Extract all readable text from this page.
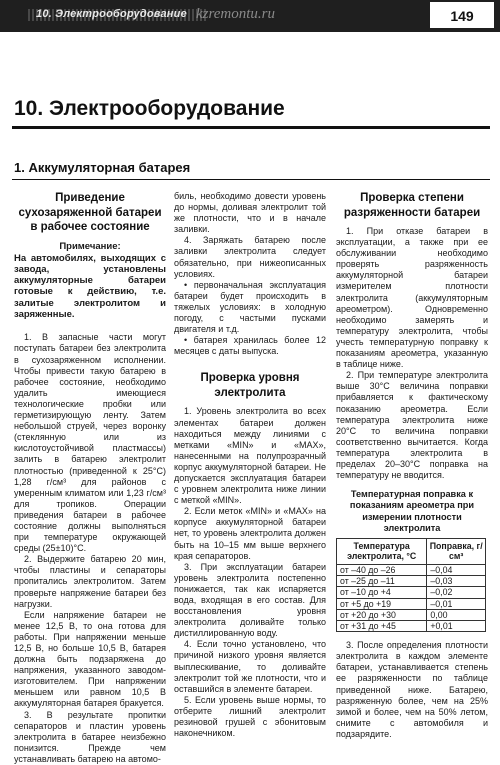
10. Электрооборудование kzremontu.ru	149
10. Электрооборудование
1. Аккумуляторная батарея
Приведение сухозаряженной батареи в рабочее состояние
Примечание:
На автомобилях, выходящих с завода, установлены аккумуляторные батареи готовые к действию, т.е. залитые электролитом и заряженные.

1. В запасные части могут поступать батареи без электролита в сухозаряженном исполнении. Чтобы привести такую батарею в рабочее состояние, необходимо удалить имеющиеся технологические пробки или герметизирующую ленту. Затем небольшой струей, через воронку (стеклянную или из кислотоустойчивой пластмассы) залить в батарею электролит плотностью (приведенной к 25°С) 1,28 г/см³ для районов с умеренным климатом или 1,23 г/см³ для тропиков. Операции приведения батареи в рабочее состояние должны выполняться при температуре окружающей среды (25±10)°С.

2. Выдержите батарею 20 мин, чтобы пластины и сепараторы пропитались электролитом. Затем проверьте напряжение батареи без нагрузки.

Если напряжение батареи не менее 12,5 В, то она готова для работы. При напряжении меньше 12,5 В, но больше 10,5 В, батарея должна быть подзаряжена до напряжения, указанного заводом-изготовителем. При напряжении меньшем или равном 10,5 В аккумуляторная батарея бракуется.

3. В результате пропитки сепараторов и пластин уровень электролита в батарее неизбежно понизится. Прежде чем устанавливать батарею на автомо-

биль, необходимо довести уровень до нормы, доливая электролит той же плотности, что и в начале заливки.

4. Заряжать батарею после заливки электролита следует обязательно, при нижеописанных условиях.

• первоначальная эксплуатация батареи будет происходить в тяжелых условиях: в холодную погоду, с частыми пусками двигателя и т.д.

• батарея хранилась более 12 месяцев с даты выпуска.

Проверка уровня электролита

1. Уровень электролита во всех элементах батареи должен находиться между линиями с метками «MIN» и «MAX», нанесенными на полупрозрачный корпус аккумуляторной батареи. Не допускается эксплуатация батареи с уровнем электролита ниже линии с меткой «MIN».

2. Если меток «MIN» и «MAX» на корпусе аккумуляторной батареи нет, то уровень электролита должен быть на 10–15 мм выше верхнего края сепараторов.

3. При эксплуатации батареи уровень электролита постепенно понижается, так как испаряется вода, входящая в его состав. Для восстановления уровня электролита доливайте только дистиллированную воду.

4. Если точно установлено, что причиной низкого уровня является выплескивание, то доливайте электролит той же плотности, что и оставшийся в элементе батареи.

5. Если уровень выше нормы, то отберите лишний электролит резиновой грушей с эбонитовым наконечником.

Проверка степени разряженности батареи

1. При отказе батареи в эксплуатации, а также при ее обслуживании необходимо проверять разряженность аккумуляторной батареи измерителем плотности электролита (аккумуляторным ареометром). Одновременно необходимо замерять и температуру электролита, чтобы учесть температурную поправку к показаниям ареометра, указанную в таблице ниже.

2. При температуре электролита выше 30°С величина поправки прибавляется к фактическому показанию ареометра. Если температура электролита ниже 20°С то величина поправки соответственно вычитается. Когда температура электролита в пределах 20–30°С поправка на температуру не вводится.

Температурная поправка к показаниям ареометра при измерении плотности электролита
Температура электролита, °С	Поправка, г/см³
от –40 до –26	–0,04
от –25 до –11	–0,03
от –10 до +4	–0,02
от +5 до +19	–0,01
от +20 до +30	0,00
от +31 до +45	+0,01

3. После определения плотности электролита в каждом элементе батареи, устанавливается степень ее разряженности по таблице приведенной ниже. Батарею, разряженную более, чем на 25% зимой и более, чем на 50% летом, снимите с автомобиля и подзарядите.
